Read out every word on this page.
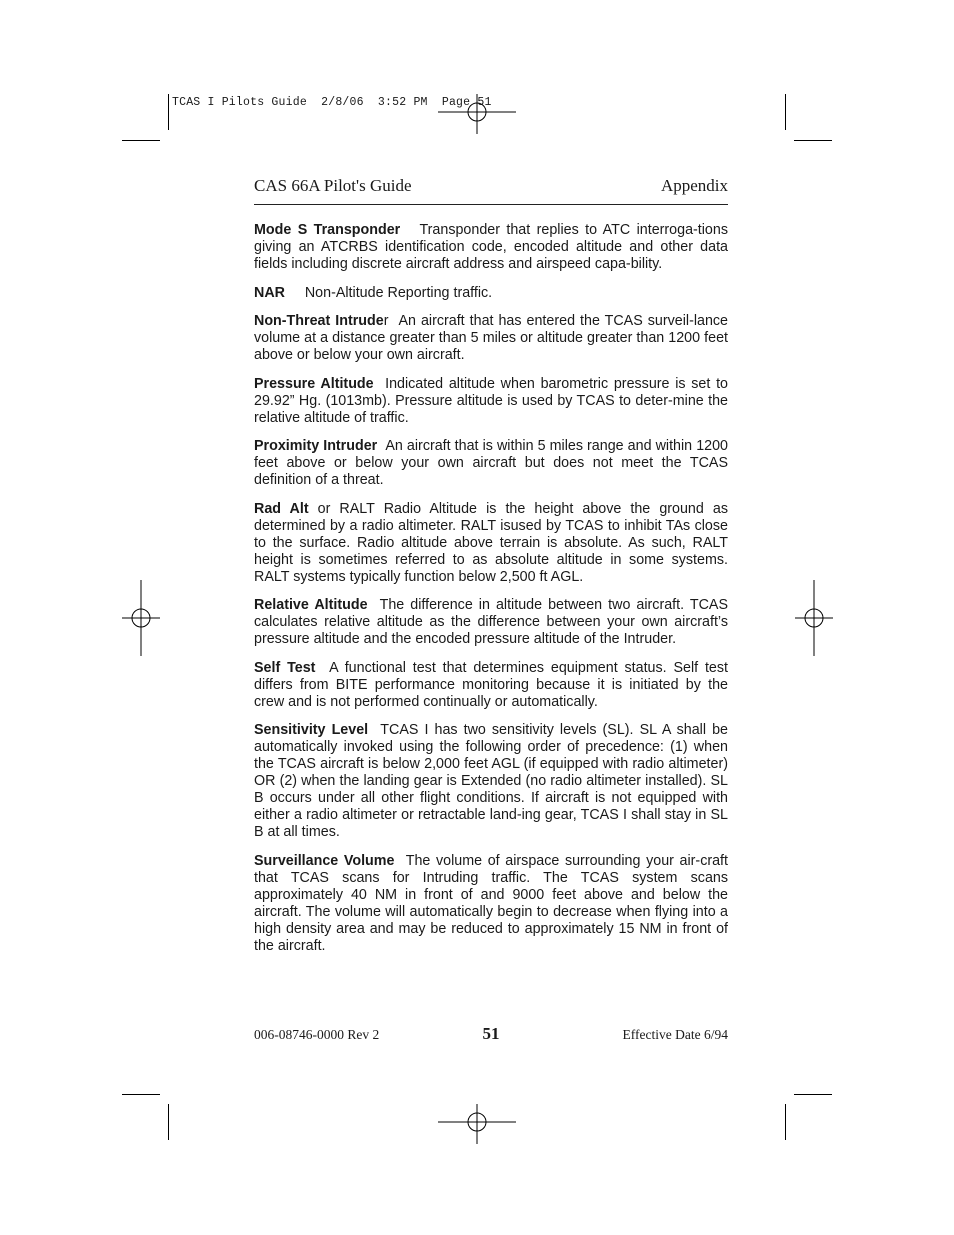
TCAS I Pilots Guide  2/8/06  3:52 PM  Page 51
CAS 66A Pilot's Guide	Appendix

Mode S Transponder Transponder that replies to ATC interroga-tions giving an ATCRBS identification code, encoded altitude and other data fields including discrete aircraft address and airspeed capa-bility.

NAR Non-Altitude Reporting traffic.

Non-Threat Intruder An aircraft that has entered the TCAS surveil-lance volume at a distance greater than 5 miles or altitude greater than 1200 feet above or below your own aircraft.

Pressure Altitude Indicated altitude when barometric pressure is set to 29.92” Hg. (1013mb). Pressure altitude is used by TCAS to deter-mine the relative altitude of traffic.

Proximity Intruder An aircraft that is within 5 miles range and within 1200 feet above or below your own aircraft but does not meet the TCAS definition of a threat.

Rad Alt or RALT Radio Altitude is the height above the ground as determined by a radio altimeter. RALT isused by TCAS to inhibit TAs close to the surface. Radio altitude above terrain is absolute. As such, RALT height is sometimes referred to as absolute altitude in some systems. RALT systems typically function below 2,500 ft AGL.

Relative Altitude The difference in altitude between two aircraft. TCAS calculates relative altitude as the difference between your own aircraft’s pressure altitude and the encoded pressure altitude of the Intruder.

Self Test A functional test that determines equipment status. Self test differs from BITE performance monitoring because it is initiated by the crew and is not performed continually or automatically.

Sensitivity Level TCAS I has two sensitivity levels (SL). SL A shall be automatically invoked using the following order of precedence: (1) when the TCAS aircraft is below 2,000 feet AGL (if equipped with radio altimeter) OR (2) when the landing gear is Extended (no radio altimeter installed). SL B occurs under all other flight conditions. If aircraft is not equipped with either a radio altimeter or retractable land-ing gear, TCAS I shall stay in SL B at all times.

Surveillance Volume The volume of airspace surrounding your air-craft that TCAS scans for Intruding traffic. The TCAS system scans approximately 40 NM in front of and 9000 feet above and below the aircraft. The volume will automatically begin to decrease when flying into a high density area and may be reduced to approximately 15 NM in front of the aircraft.

006-08746-0000 Rev 2	51	Effective Date 6/94
